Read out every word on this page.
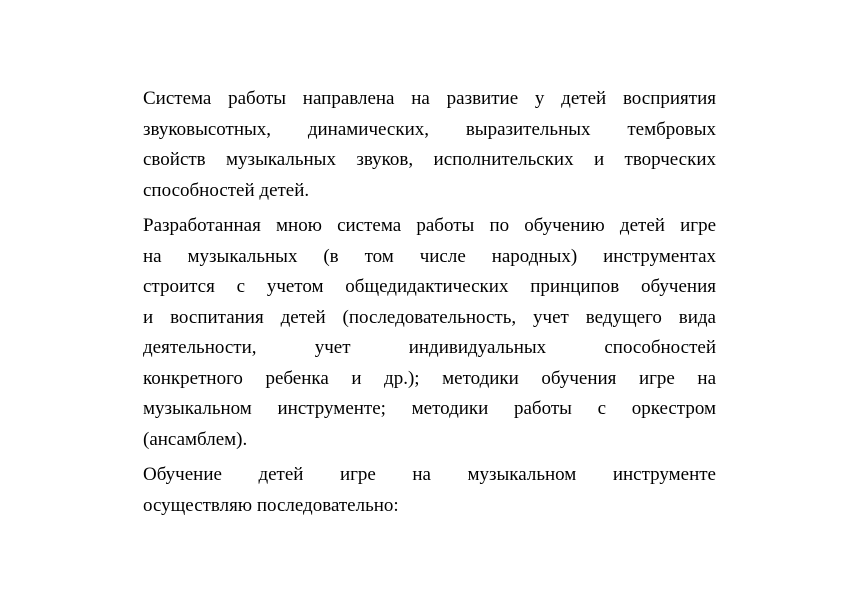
Система работы направлена на развитие у детей восприятия
звуковысотных, динамических, выразительных тембровых
свойств музыкальных звуков, исполнительских и творческих
способностей детей.

Разработанная мною система работы по обучению детей игре
на музыкальных (в том числе народных) инструментах
строится с учетом общедидактических принципов обучения
и воспитания детей (последовательность, учет ведущего вида
деятельности, учет индивидуальных способностей
конкретного ребенка и др.); методики обучения игре на
музыкальном инструменте; методики работы с оркестром
(ансамблем).

Обучение детей игре на музыкальном инструменте
осуществляю последовательно:
